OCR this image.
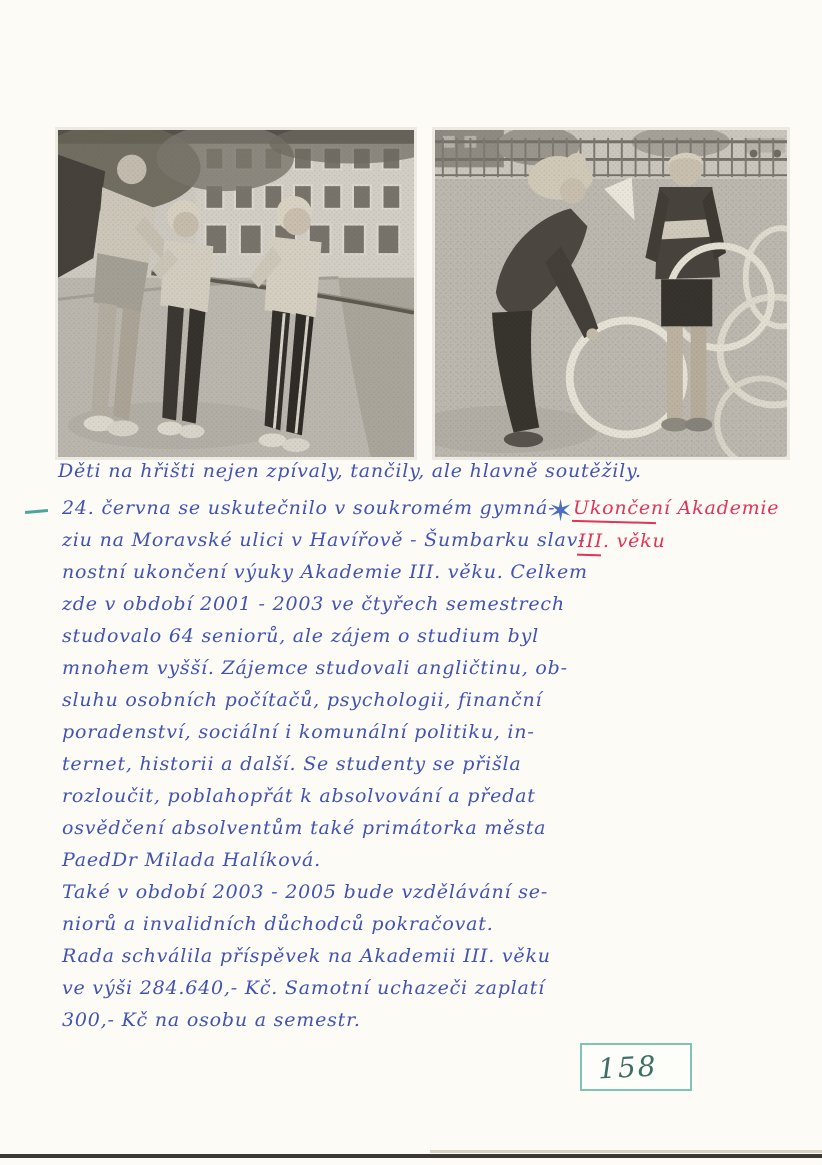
Děti na hřišti nejen zpívaly, tančily, ale hlavně soutěžily.
24. června se uskutečnilo v soukromém gymná-
ziu na Moravské ulici v Havířově - Šumbarku slav-
nostní ukončení výuky Akademie III. věku. Celkem
zde v období 2001 - 2003 ve čtyřech semestrech
studovalo 64 seniorů, ale zájem o studium byl
mnohem vyšší. Zájemce studovali angličtinu, ob-
sluhu osobních počítačů, psychologii, finanční
poradenství, sociální i komunální politiku, in-
ternet, historii a další. Se studenty se přišla
rozloučit, poblahopřát k absolvování a předat
osvědčení absolventům také primátorka města
PaedDr Milada Halíková.
Také v období 2003 - 2005 bude vzdělávání se-
niorů a invalidních důchodců pokračovat.
Rada schválila příspěvek na Akademii III. věku
ve výši 284.640,- Kč. Samotní uchazeči zaplatí
300,- Kč na osobu a semestr.
✶ Ukončení Akademie
III. věku
158
